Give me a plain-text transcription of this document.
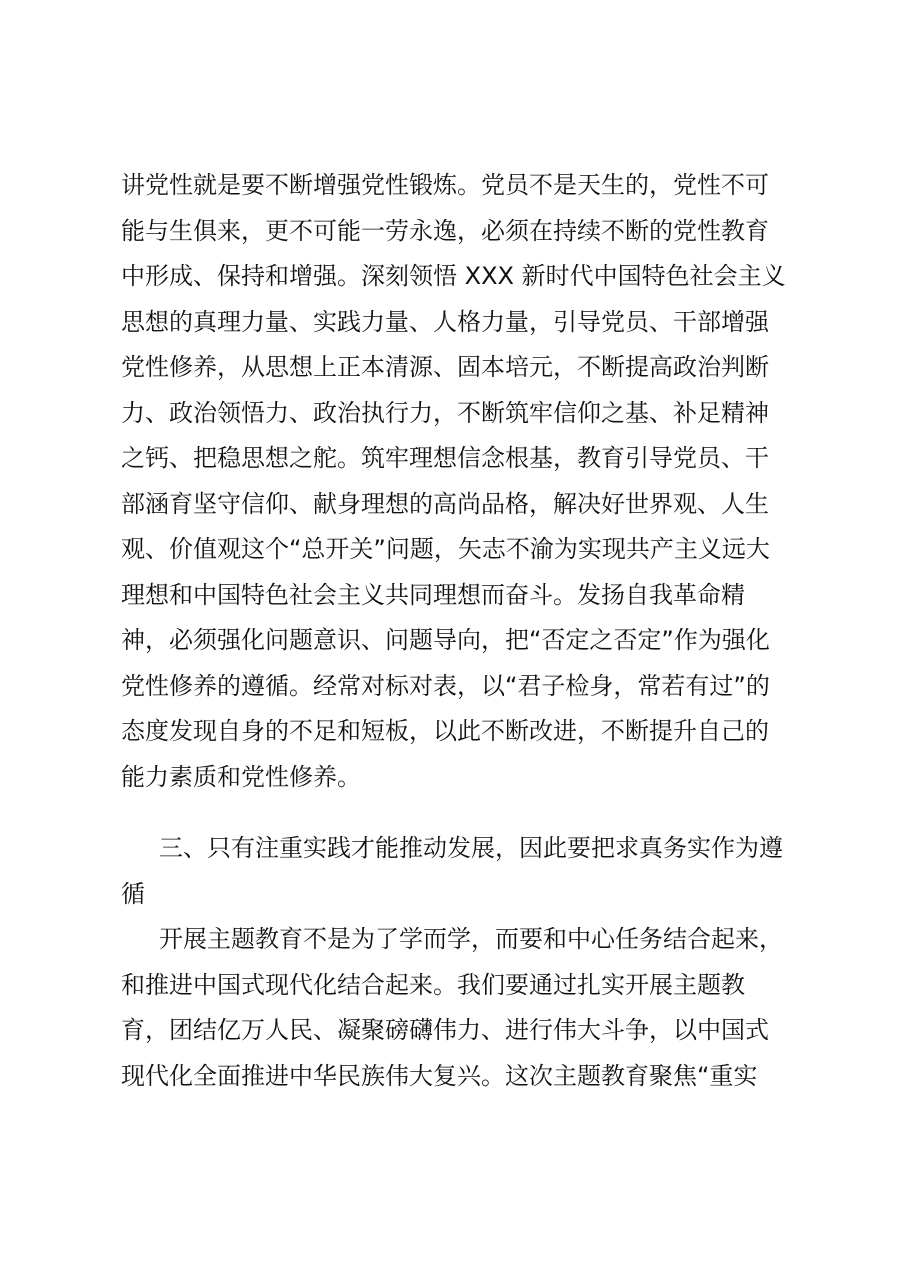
讲党性就是要不断增强党性锻炼。党员不是天生的，党性不可
能与生俱来，更不可能一劳永逸，必须在持续不断的党性教育
中形成、保持和增强。深刻领悟 XXX 新时代中国特色社会主义
思想的真理力量、实践力量、人格力量，引导党员、干部增强
党性修养，从思想上正本清源、固本培元，不断提高政治判断
力、政治领悟力、政治执行力，不断筑牢信仰之基、补足精神
之钙、把稳思想之舵。筑牢理想信念根基，教育引导党员、干
部涵育坚守信仰、献身理想的高尚品格，解决好世界观、人生
观、价值观这个“总开关”问题，矢志不渝为实现共产主义远大
理想和中国特色社会主义共同理想而奋斗。发扬自我革命精
神，必须强化问题意识、问题导向，把“否定之否定”作为强化
党性修养的遵循。经常对标对表，以“君子检身，常若有过”的
态度发现自身的不足和短板，以此不断改进，不断提升自己的
能力素质和党性修养。
三、只有注重实践才能推动发展，因此要把求真务实作为遵
循
开展主题教育不是为了学而学，而要和中心任务结合起来，
和推进中国式现代化结合起来。我们要通过扎实开展主题教
育，团结亿万人民、凝聚磅礴伟力、进行伟大斗争，以中国式
现代化全面推进中华民族伟大复兴。这次主题教育聚焦“重实
